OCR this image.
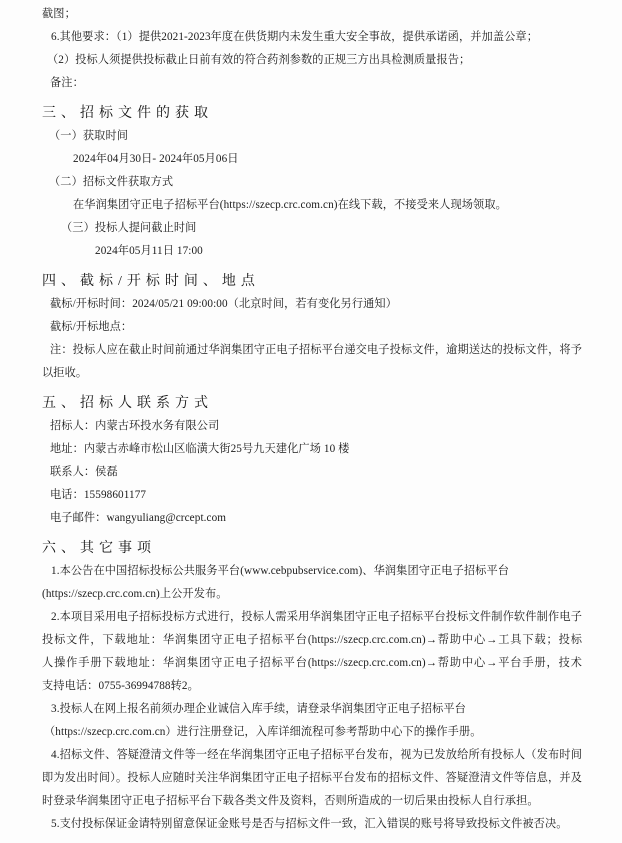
截图；
6.其他要求：（1）提供2021-2023年度在供货期内未发生重大安全事故，提供承诺函，并加盖公章；
（2）投标人须提供投标截止日前有效的符合药剂参数的正规三方出具检测质量报告；
备注：
三、招标文件的获取
（一）获取时间
2024年04月30日- 2024年05月06日
（二）招标文件获取方式
在华润集团守正电子招标平台(https://szecp.crc.com.cn)在线下载，不接受来人现场领取。
（三）投标人提问截止时间
2024年05月11日 17:00
四、截标/开标时间、地点
截标/开标时间：2024/05/21 09:00:00（北京时间，若有变化另行通知）
截标/开标地点：
注：投标人应在截止时间前通过华润集团守正电子招标平台递交电子投标文件，逾期送达的投标文件，将予
以拒收。
五、招标人联系方式
招标人：内蒙古环投水务有限公司
地址：内蒙古赤峰市松山区临潢大街25号九天建化广场 10 楼
联系人：侯磊
电话：15598601177
电子邮件：wangyuliang@crcept.com
六、其它事项
1.本公告在中国招标投标公共服务平台(www.cebpubservice.com)、华润集团守正电子招标平台
(https://szecp.crc.com.cn)上公开发布。
2.本项目采用电子招标投标方式进行，投标人需采用华润集团守正电子招标平台投标文件制作软件制作电子
投标文件，下载地址：华润集团守正电子招标平台(https://szecp.crc.com.cn)→帮助中心→工具下载；投标
人操作手册下载地址：华润集团守正电子招标平台(https://szecp.crc.com.cn)→帮助中心→平台手册，技术
支持电话：0755-36994788转2。
3.投标人在网上报名前须办理企业诚信入库手续，请登录华润集团守正电子招标平台
（https://szecp.crc.com.cn）进行注册登记，入库详细流程可参考帮助中心下的操作手册。
4.招标文件、答疑澄清文件等一经在华润集团守正电子招标平台发布，视为已发放给所有投标人（发布时间
即为发出时间）。投标人应随时关注华润集团守正电子招标平台发布的招标文件、答疑澄清文件等信息，并及
时登录华润集团守正电子招标平台下载各类文件及资料，否则所造成的一切后果由投标人自行承担。
5.支付投标保证金请特别留意保证金账号是否与招标文件一致，汇入错误的账号将导致投标文件被否决。
